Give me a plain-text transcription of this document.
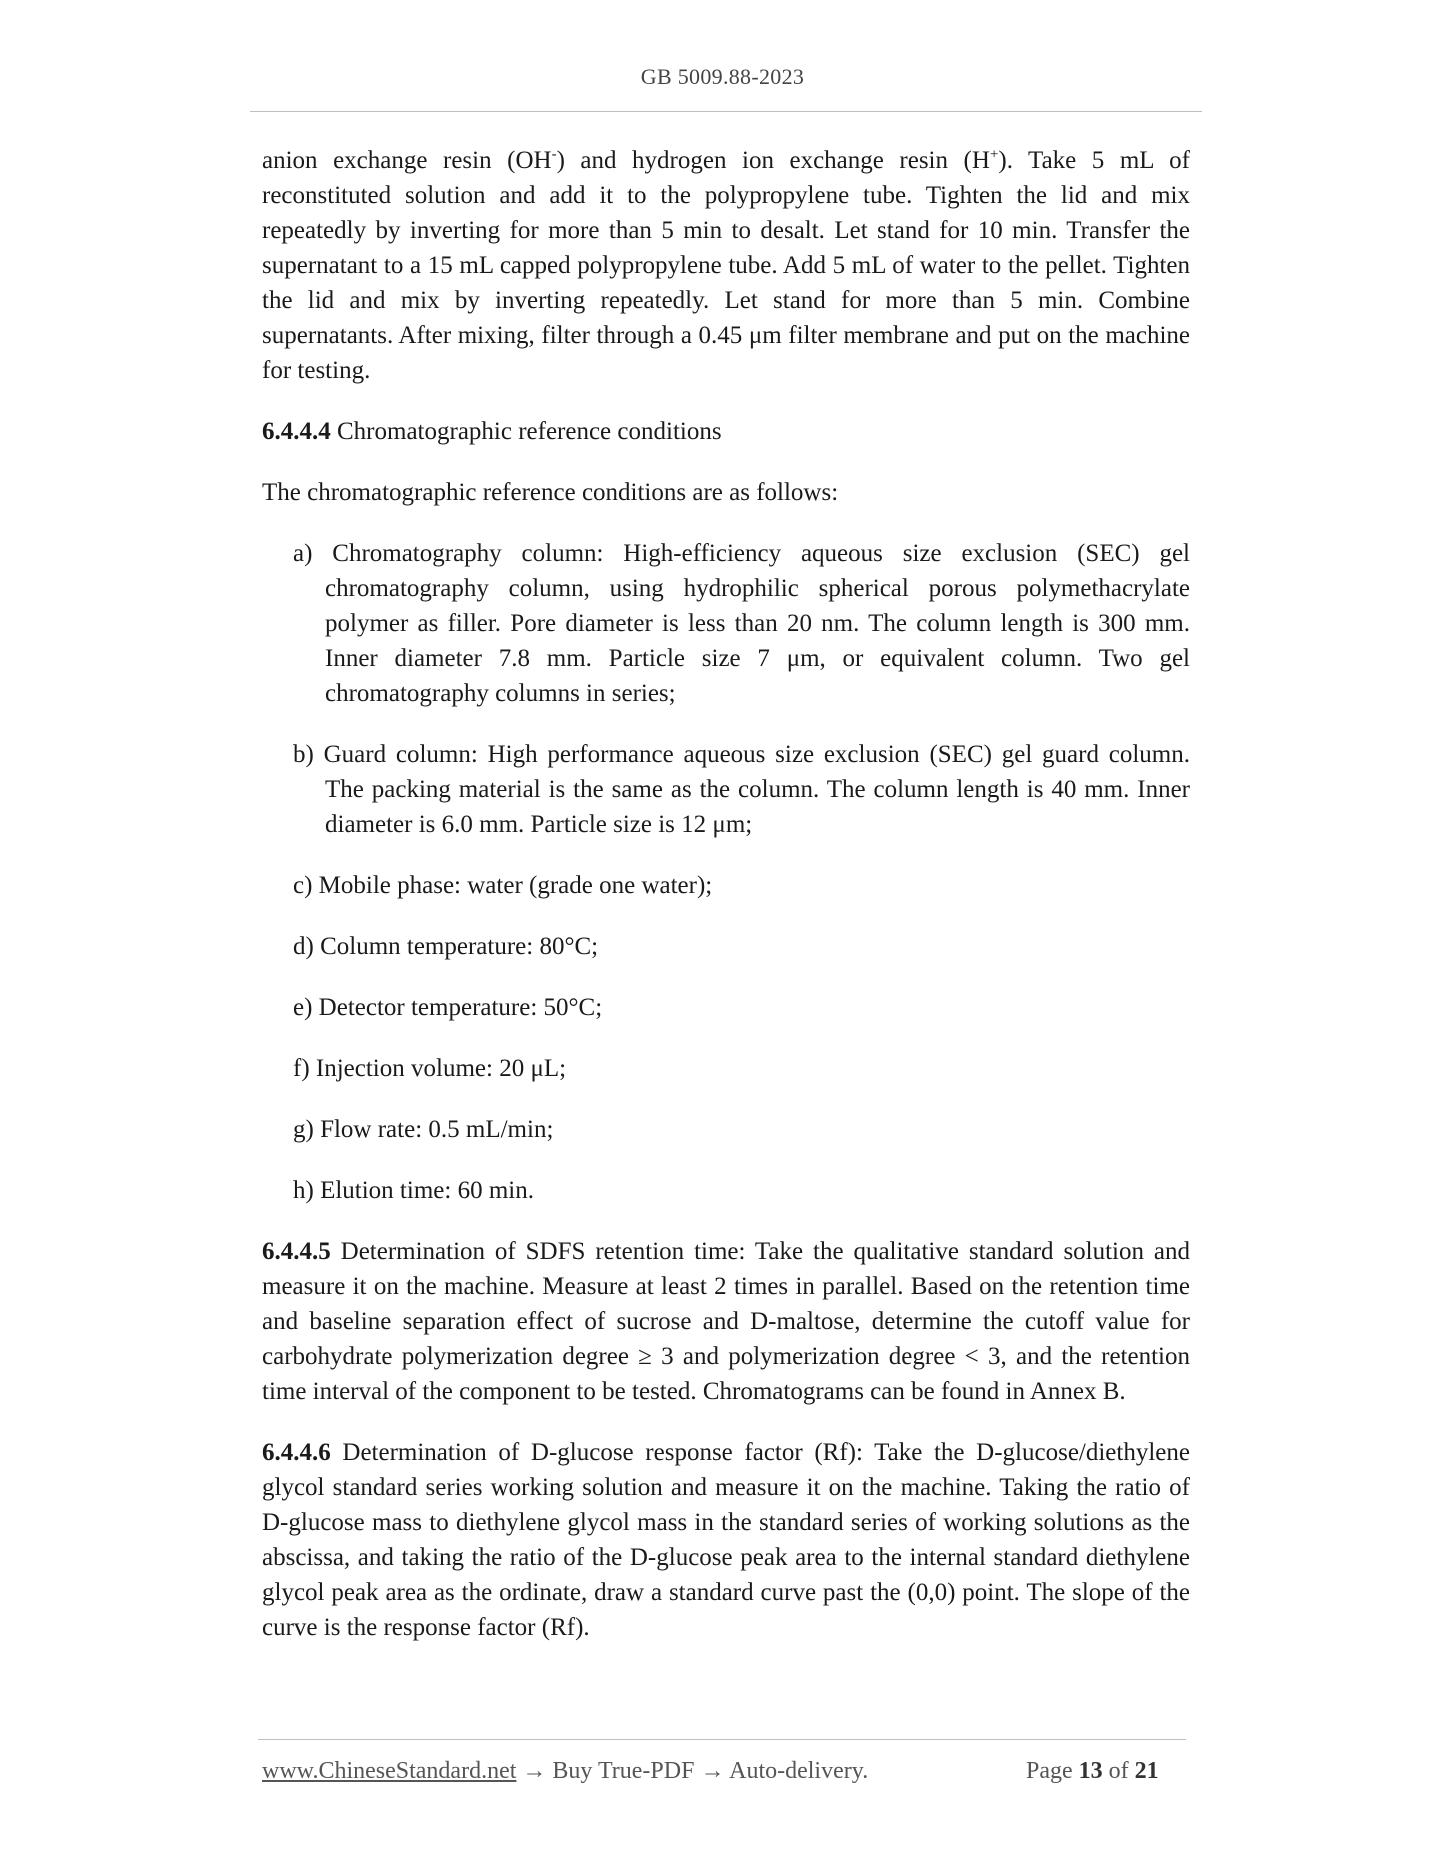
GB 5009.88-2023

anion exchange resin (OH-) and hydrogen ion exchange resin (H+). Take 5 mL of reconstituted solution and add it to the polypropylene tube. Tighten the lid and mix repeatedly by inverting for more than 5 min to desalt. Let stand for 10 min. Transfer the supernatant to a 15 mL capped polypropylene tube. Add 5 mL of water to the pellet. Tighten the lid and mix by inverting repeatedly. Let stand for more than 5 min. Combine supernatants. After mixing, filter through a 0.45 μm filter membrane and put on the machine for testing.

6.4.4.4 Chromatographic reference conditions

The chromatographic reference conditions are as follows:

a) Chromatography column: High-efficiency aqueous size exclusion (SEC) gel chromatography column, using hydrophilic spherical porous polymethacrylate polymer as filler. Pore diameter is less than 20 nm. The column length is 300 mm. Inner diameter 7.8 mm. Particle size 7 μm, or equivalent column. Two gel chromatography columns in series;

b) Guard column: High performance aqueous size exclusion (SEC) gel guard column. The packing material is the same as the column. The column length is 40 mm. Inner diameter is 6.0 mm. Particle size is 12 μm;

c) Mobile phase: water (grade one water);

d) Column temperature: 80°C;

e) Detector temperature: 50°C;

f) Injection volume: 20 μL;

g) Flow rate: 0.5 mL/min;

h) Elution time: 60 min.

6.4.4.5 Determination of SDFS retention time: Take the qualitative standard solution and measure it on the machine. Measure at least 2 times in parallel. Based on the retention time and baseline separation effect of sucrose and D-maltose, determine the cutoff value for carbohydrate polymerization degree ≥ 3 and polymerization degree < 3, and the retention time interval of the component to be tested. Chromatograms can be found in Annex B.

6.4.4.6 Determination of D-glucose response factor (Rf): Take the D-glucose/diethylene glycol standard series working solution and measure it on the machine. Taking the ratio of D-glucose mass to diethylene glycol mass in the standard series of working solutions as the abscissa, and taking the ratio of the D-glucose peak area to the internal standard diethylene glycol peak area as the ordinate, draw a standard curve past the (0,0) point. The slope of the curve is the response factor (Rf).

www.ChineseStandard.net → Buy True-PDF → Auto-delivery.	Page 13 of 21
